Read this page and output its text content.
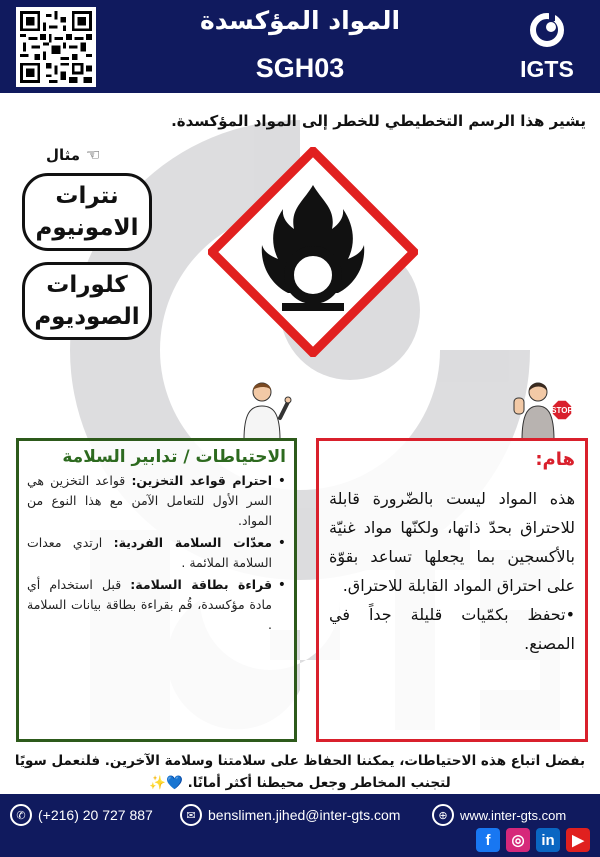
المواد المؤكسدة
SGH03	IGTS
يشير هذا الرسم التخطيطي للخطر إلى المواد المؤكسدة.
مثال ☞
نترات الامونيوم
كلورات الصوديوم
STOP
الاحتياطات / تدابير السلامة
• احترام قواعد التخزين: قواعد التخزين هي السر الأول للتعامل الآمن مع هذا النوع من المواد.
• معدّات السلامة الفردية: ارتدي معدات السلامة الملائمة .
• قراءة بطاقة السلامة: قبل استخدام أي مادة مؤكسدة، قُم بقراءة بطاقة بيانات السلامة .
هام:
هذه المواد ليست بالضّرورة قابلة للاحتراق بحدّ ذاتها، ولكنّها مواد غنيّة بالأكسجين بما يجعلها تساعد بقوّة على احتراق المواد القابلة للاحتراق.
•تحفظ بكمّيات قليلة جداً في المصنع.
بفضل اتباع هذه الاحتياطات، يمكننا الحفاظ على سلامتنا وسلامة الآخرين. فلنعمل سويًا لتجنب المخاطر وجعل محيطنا أكثر أمانًا. 💙✨
✆ (+216) 20 727 887	✉ benslimen.jihed@inter-gts.com	⊕ www.inter-gts.com
f	◎	in	▶
